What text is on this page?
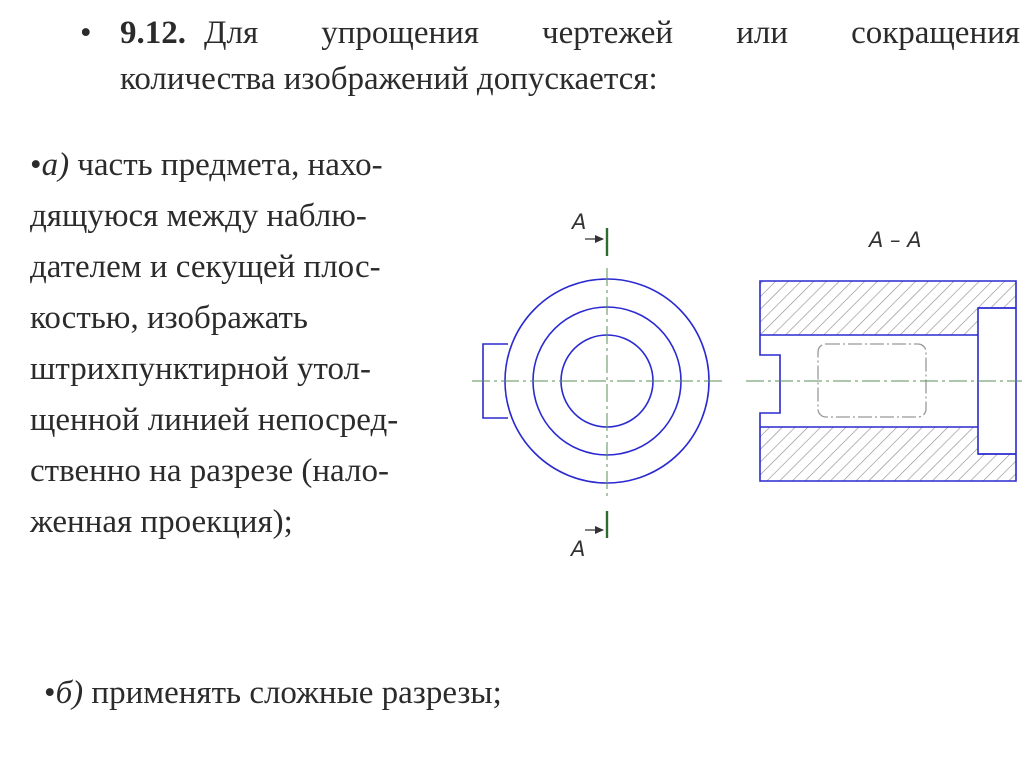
• 9.12. Для упрощения чертежей или сокращения
количества изображений допускается:
•а) часть предмета, нахо-
дящуюся между наблю-
дателем и секущей плос-
костью, изображать
штрихпунктирной утол-
щенной линией непосред-
ственно на разрезе (нало-
женная проекция);
•б) применять сложные разрезы;
A
A
A – A
